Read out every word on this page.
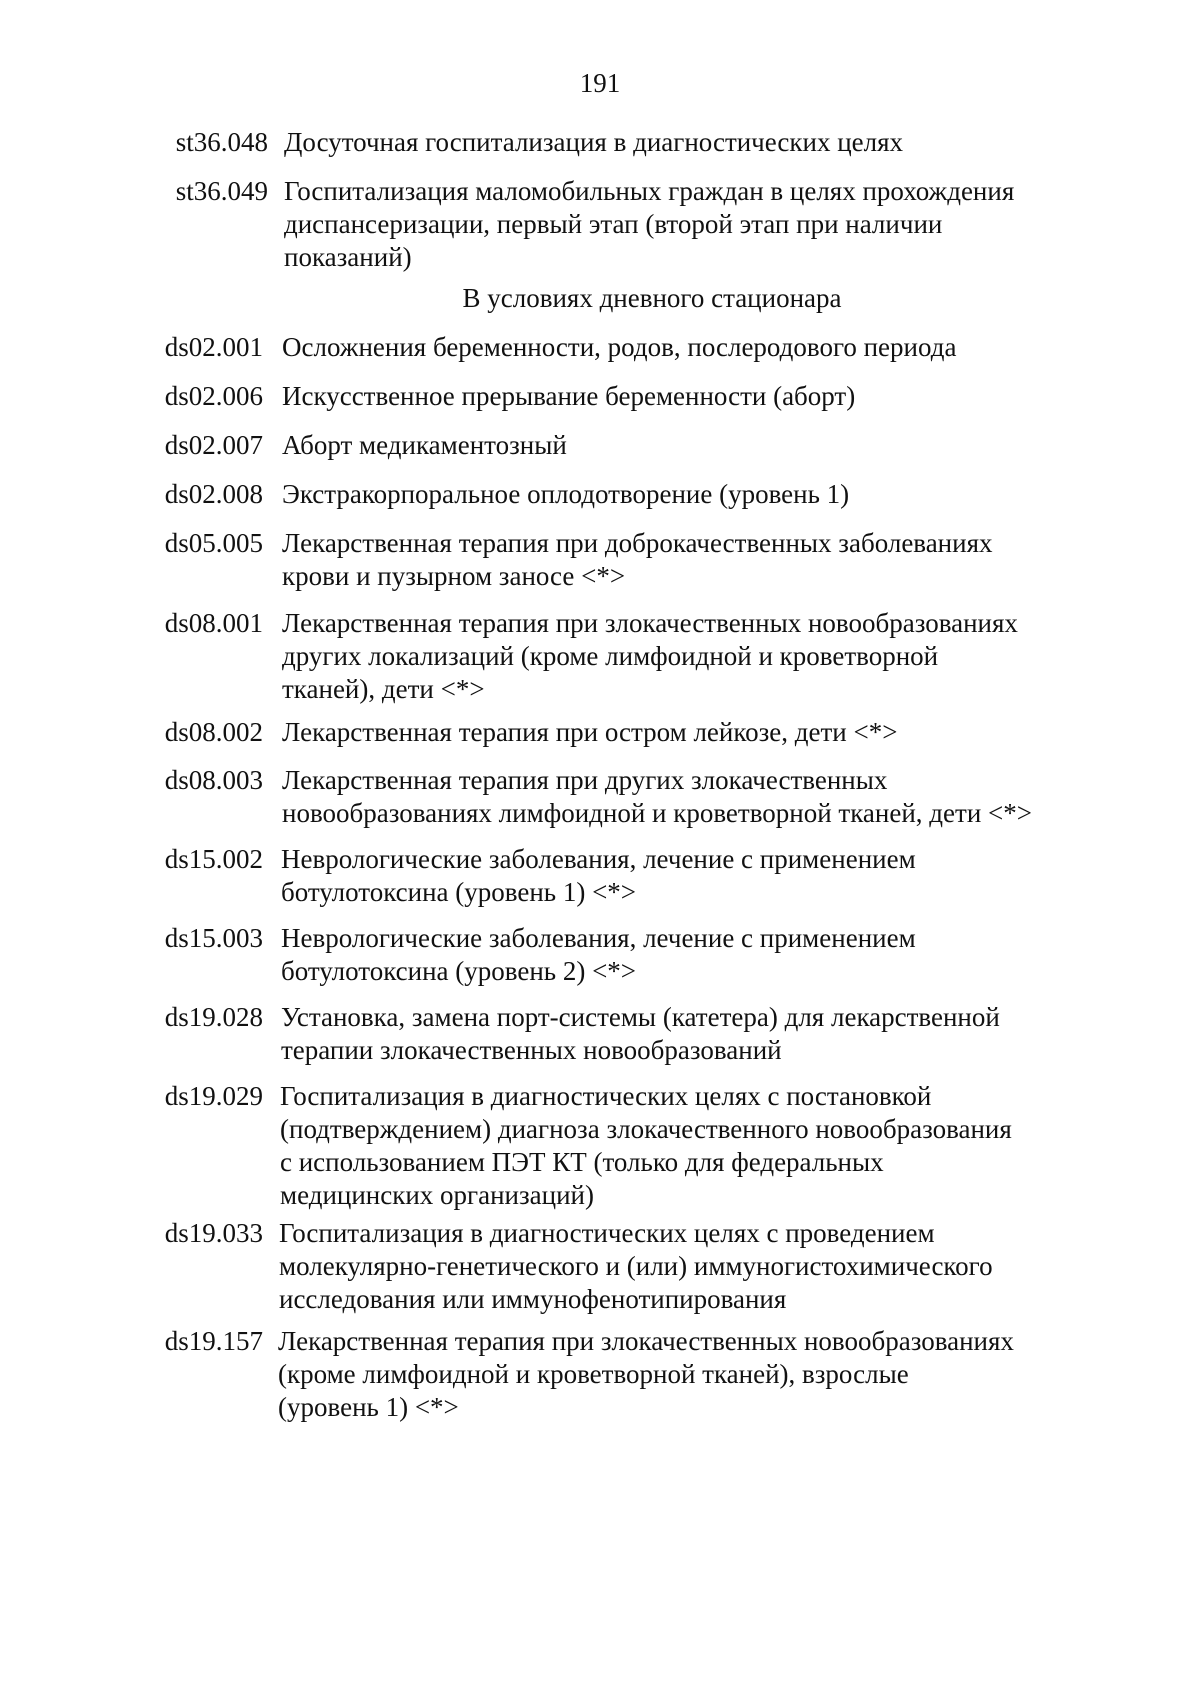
191
st36.048 Досуточная госпитализация в диагностических целях
st36.049 Госпитализация маломобильных граждан в целях прохождения
диспансеризации, первый этап (второй этап при наличии
показаний)
В условиях дневного стационара
ds02.001 Осложнения беременности, родов, послеродового периода
ds02.006 Искусственное прерывание беременности (аборт)
ds02.007 Аборт медикаментозный
ds02.008 Экстракорпоральное оплодотворение (уровень 1)
ds05.005 Лекарственная терапия при доброкачественных заболеваниях
крови и пузырном заносе <*>
ds08.001 Лекарственная терапия при злокачественных новообразованиях
других локализаций (кроме лимфоидной и кроветворной
тканей), дети <*>
ds08.002 Лекарственная терапия при остром лейкозе, дети <*>
ds08.003 Лекарственная терапия при других злокачественных
новообразованиях лимфоидной и кроветворной тканей, дети <*>
ds15.002 Неврологические заболевания, лечение с применением
ботулотоксина (уровень 1) <*>
ds15.003 Неврологические заболевания, лечение с применением
ботулотоксина (уровень 2) <*>
ds19.028 Установка, замена порт-системы (катетера) для лекарственной
терапии злокачественных новообразований
ds19.029 Госпитализация в диагностических целях с постановкой
(подтверждением) диагноза злокачественного новообразования
с использованием ПЭТ КТ (только для федеральных
медицинских организаций)
ds19.033 Госпитализация в диагностических целях с проведением
молекулярно-генетического и (или) иммуногистохимического
исследования или иммунофенотипирования
ds19.157 Лекарственная терапия при злокачественных новообразованиях
(кроме лимфоидной и кроветворной тканей), взрослые
(уровень 1) <*>
